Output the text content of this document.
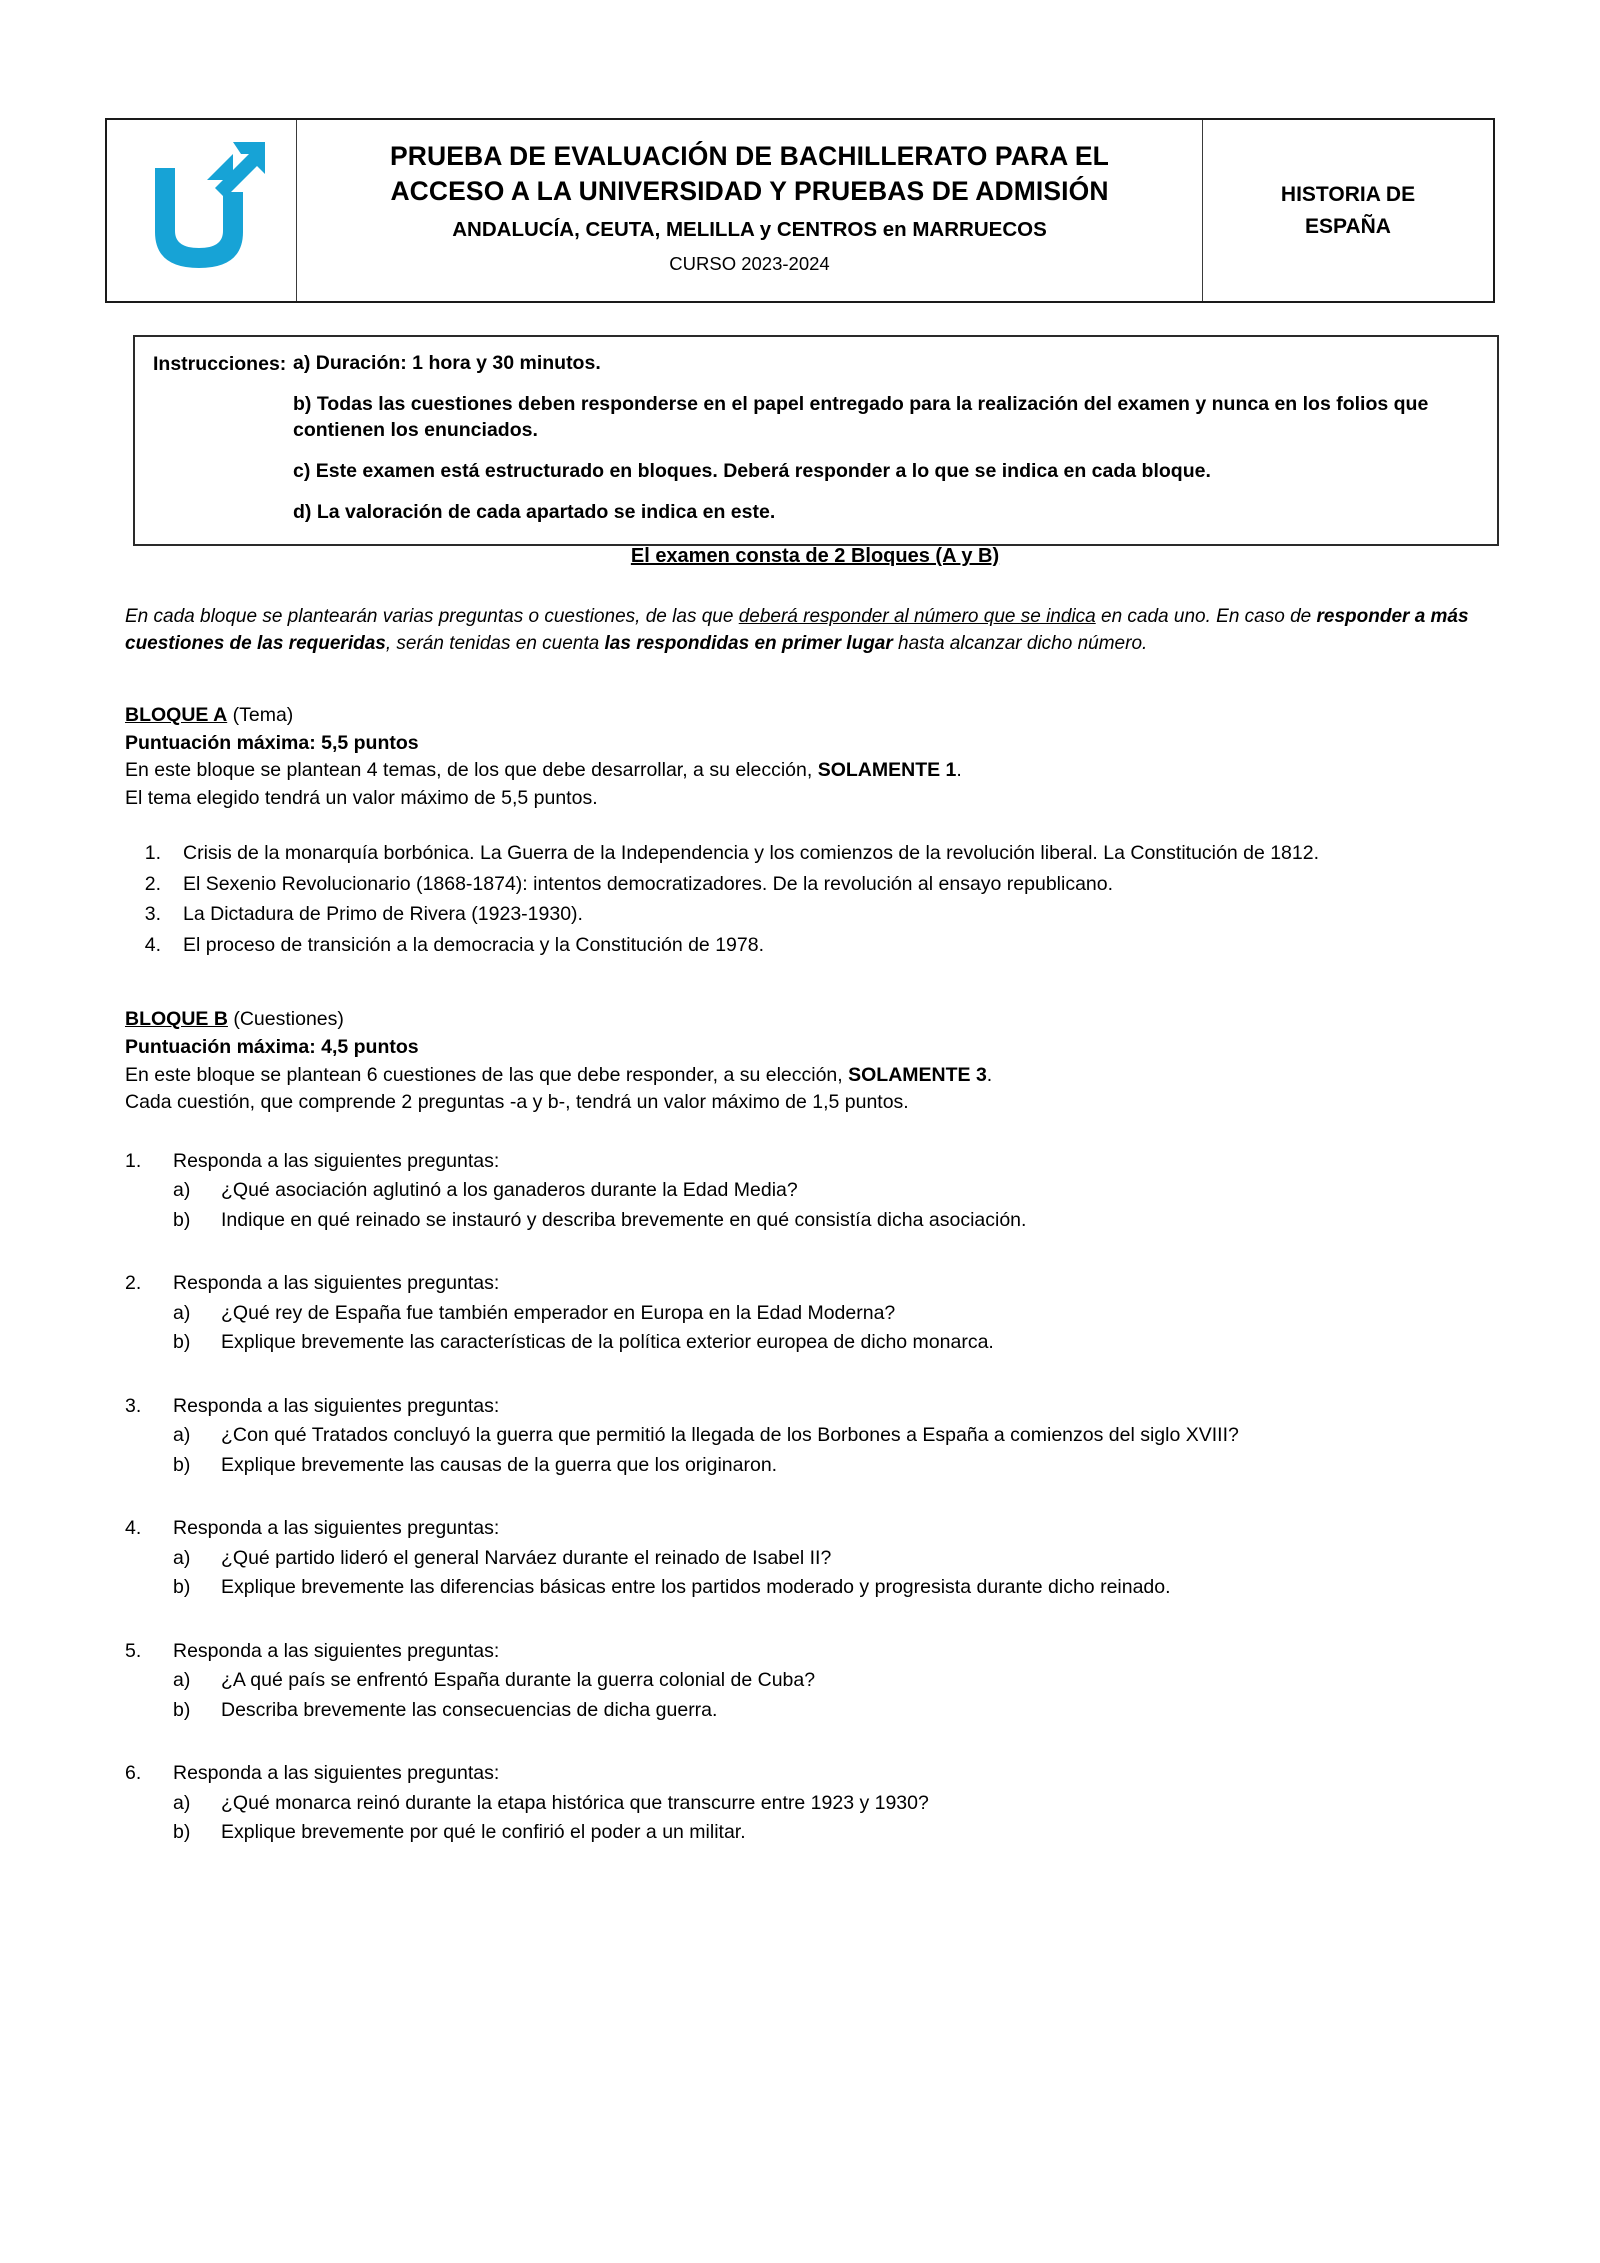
PRUEBA DE EVALUACIÓN DE BACHILLERATO PARA EL
ACCESO A LA UNIVERSIDAD Y PRUEBAS DE ADMISIÓN
ANDALUCÍA, CEUTA, MELILLA y CENTROS en MARRUECOS
CURSO 2023-2024
HISTORIA DE
ESPAÑA
Instrucciones: a) Duración: 1 hora y 30 minutos.
b) Todas las cuestiones deben responderse en el papel entregado para la realización del examen y nunca en los folios que contienen los enunciados.
c) Este examen está estructurado en bloques. Deberá responder a lo que se indica en cada bloque.
d) La valoración de cada apartado se indica en este.
El examen consta de 2 Bloques (A y B)

En cada bloque se plantearán varias preguntas o cuestiones, de las que deberá responder al número que se indica en cada uno. En caso de responder a más cuestiones de las requeridas, serán tenidas en cuenta las respondidas en primer lugar hasta alcanzar dicho número.

BLOQUE A (Tema)

Puntuación máxima: 5,5 puntos

En este bloque se plantean 4 temas, de los que debe desarrollar, a su elección, SOLAMENTE 1.

El tema elegido tendrá un valor máximo de 5,5 puntos.

1.	Crisis de la monarquía borbónica. La Guerra de la Independencia y los comienzos de la revolución liberal. La Constitución de 1812.
2.	El Sexenio Revolucionario (1868-1874): intentos democratizadores. De la revolución al ensayo republicano.
3.	La Dictadura de Primo de Rivera (1923-1930).
4.	El proceso de transición a la democracia y la Constitución de 1978.

BLOQUE B (Cuestiones)

Puntuación máxima: 4,5 puntos

En este bloque se plantean 6 cuestiones de las que debe responder, a su elección, SOLAMENTE 3.

Cada cuestión, que comprende 2 preguntas -a y b-, tendrá un valor máximo de 1,5 puntos.

1.	Responda a las siguientes preguntas:
a)	¿Qué asociación aglutinó a los ganaderos durante la Edad Media?
b)	Indique en qué reinado se instauró y describa brevemente en qué consistía dicha asociación.
2.	Responda a las siguientes preguntas:
a)	¿Qué rey de España fue también emperador en Europa en la Edad Moderna?
b)	Explique brevemente las características de la política exterior europea de dicho monarca.
3.	Responda a las siguientes preguntas:
a)	¿Con qué Tratados concluyó la guerra que permitió la llegada de los Borbones a España a comienzos del siglo XVIII?
b)	Explique brevemente las causas de la guerra que los originaron.
4.	Responda a las siguientes preguntas:
a)	¿Qué partido lideró el general Narváez durante el reinado de Isabel II?
b)	Explique brevemente las diferencias básicas entre los partidos moderado y progresista durante dicho reinado.
5.	Responda a las siguientes preguntas:
a)	¿A qué país se enfrentó España durante la guerra colonial de Cuba?
b)	Describa brevemente las consecuencias de dicha guerra.
6.	Responda a las siguientes preguntas:
a)	¿Qué monarca reinó durante la etapa histórica que transcurre entre 1923 y 1930?
b)	Explique brevemente por qué le confirió el poder a un militar.
